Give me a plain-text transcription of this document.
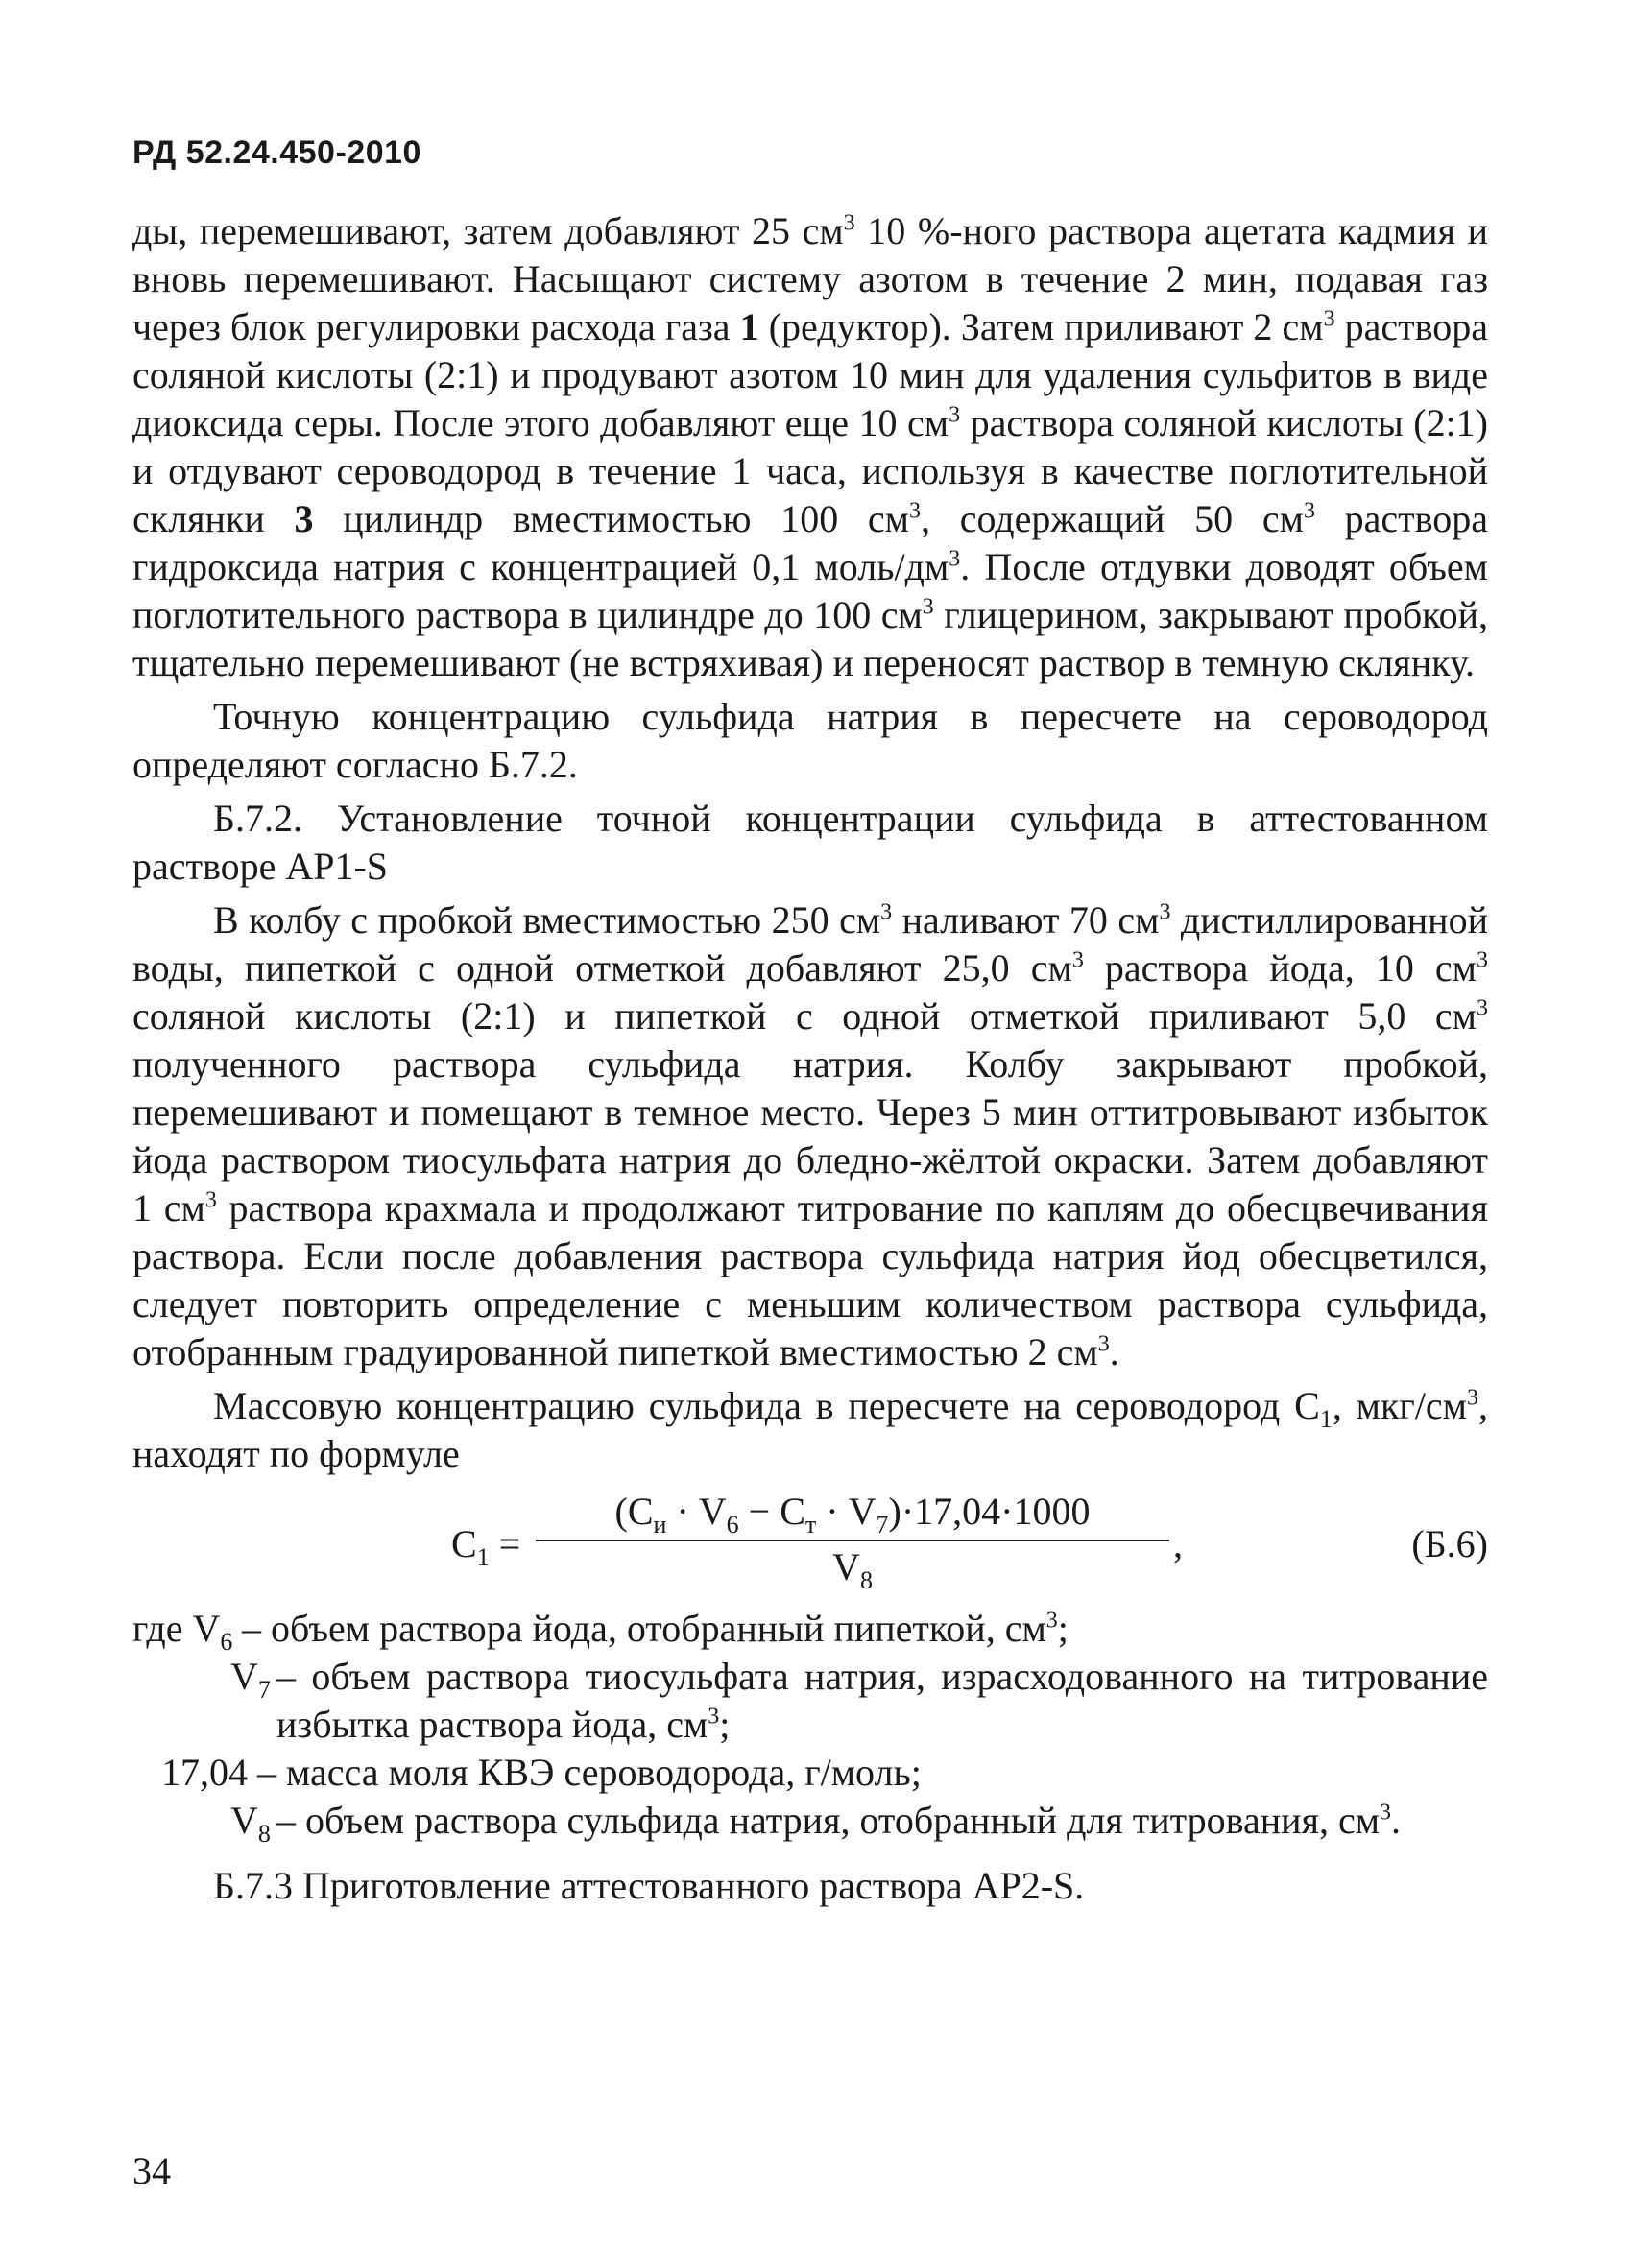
РД 52.24.450-2010

ды, перемешивают, затем добавляют 25 $см^3$ 10 %-ного раствора ацетата кадмия и вновь перемешивают. Насыщают систему азотом в течение 2 мин, подавая газ через блок регулировки расхода газа 1 (редуктор). Затем приливают 2 $см^3$ раствора соляной кислоты (2:1) и продувают азотом 10 мин для удаления сульфитов в виде диоксида серы. После этого добавляют еще 10 $см^3$ раствора соляной кислоты (2:1) и отдувают сероводород в течение 1 часа, используя в качестве поглотительной склянки 3 цилиндр вместимостью 100 $см^3$, содержащий 50 $см^3$ раствора гидроксида натрия с концентрацией 0,1 моль/$дм^3$. После отдувки доводят объем поглотительного раствора в цилиндре до 100 $см^3$ глицерином, закрывают пробкой, тщательно перемешивают (не встряхивая) и переносят раствор в темную склянку.

Точную концентрацию сульфида натрия в пересчете на сероводород определяют согласно Б.7.2.

Б.7.2. Установление точной концентрации сульфида в аттестованном растворе АР1-S

В колбу с пробкой вместимостью 250 $см^3$ наливают 70 $см^3$ дистиллированной воды, пипеткой с одной отметкой добавляют 25,0 $см^3$ раствора йода, 10 $см^3$ соляной кислоты (2:1) и пипеткой с одной отметкой приливают 5,0 $см^3$ полученного раствора сульфида натрия. Колбу закрывают пробкой, перемешивают и помещают в темное место. Через 5 мин оттитровывают избыток йода раствором тиосульфата натрия до бледно-жёлтой окраски. Затем добавляют 1 $см^3$ раствора крахмала и продолжают титрование по каплям до обесцвечивания раствора. Если после добавления раствора сульфида натрия йод обесцветился, следует повторить определение с меньшим количеством раствора сульфида, отобранным градуированной пипеткой вместимостью 2 $см^3$.

Массовую концентрацию сульфида в пересчете на сероводород $С_1$, мкг/$см^3$, находят по формуле

$С_1$ =
$(С_и \cdot V_6 - С_т \cdot V_7)\cdot 17,04\cdot 1000$
$V_8$
,	(Б.6)
где $V_6$ – объем раствора йода, отобранный пипеткой, $см^3$;
$V_7$ – объем раствора тиосульфата натрия, израсходованного на титрование избытка раствора йода, $см^3$;
17,04 – масса моля КВЭ сероводорода, г/моль;
$V_8$ – объем раствора сульфида натрия, отобранный для титрования, $см^3$.

Б.7.3 Приготовление аттестованного раствора АР2-S.

34
